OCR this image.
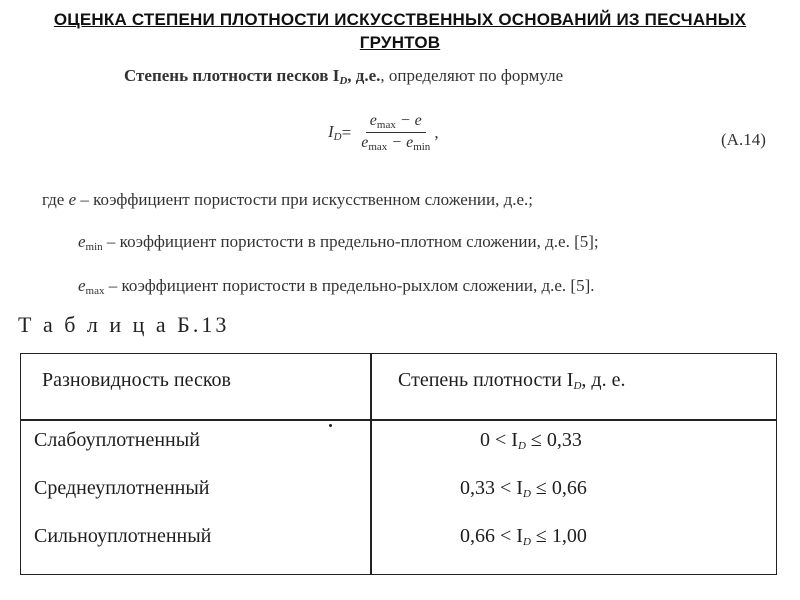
ОЦЕНКА СТЕПЕНИ ПЛОТНОСТИ ИСКУССТВЕННЫХ ОСНОВАНИЙ ИЗ ПЕСЧАНЫХ ГРУНТОВ
Степень плотности песков $I_D$, д.е., определяют по формуле
$I_D = \frac{e_{max} - e}{e_{max} - e_{min}}$ ,	(А.14)
где e – коэффициент пористости при искусственном сложении, д.е.;
$e_{min}$ – коэффициент пористости в предельно-плотном сложении, д.е. [5];
$e_{max}$ – коэффициент пористости в предельно-рыхлом сложении, д.е. [5].
Т а б л и ц а Б.13
Разновидность песков	Степень плотности $I_D$, д. е.
Слабоуплотненный	$0 < I_D \le 0,33$
Среднеуплотненный	$0,33 < I_D \le 0,66$
Сильноуплотненный	$0,66 < I_D \le 1,00$
